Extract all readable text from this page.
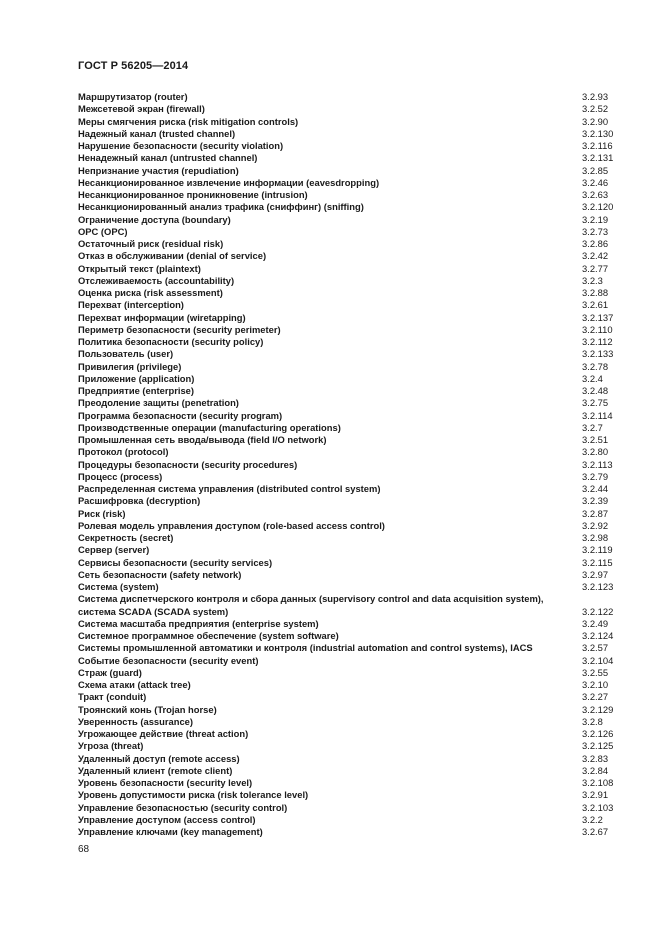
ГОСТ Р 56205—2014
Маршрутизатор (router)	3.2.93
Межсетевой экран (firewall)	3.2.52
Меры смягчения риска (risk mitigation controls)	3.2.90
Надежный канал (trusted channel)	3.2.130
Нарушение безопасности (security violation)	3.2.116
Ненадежный канал (untrusted channel)	3.2.131
Непризнание участия (repudiation)	3.2.85
Несанкционированное извлечение информации (eavesdropping)	3.2.46
Несанкционированное проникновение (intrusion)	3.2.63
Несанкционированный анализ трафика (сниффинг) (sniffing)	3.2.120
Ограничение доступа (boundary)	3.2.19
OPC (OPC)	3.2.73
Остаточный риск (residual risk)	3.2.86
Отказ в обслуживании (denial of service)	3.2.42
Открытый текст (plaintext)	3.2.77
Отслеживаемость (accountability)	3.2.3
Оценка риска (risk assessment)	3.2.88
Перехват (interception)	3.2.61
Перехват информации (wiretapping)	3.2.137
Периметр безопасности (security perimeter)	3.2.110
Политика безопасности (security policy)	3.2.112
Пользователь (user)	3.2.133
Привилегия (privilege)	3.2.78
Приложение (application)	3.2.4
Предприятие (enterprise)	3.2.48
Преодоление защиты (penetration)	3.2.75
Программа безопасности (security program)	3.2.114
Производственные операции (manufacturing operations)	3.2.7
Промышленная сеть ввода/вывода (field I/O network)	3.2.51
Протокол (protocol)	3.2.80
Процедуры безопасности (security procedures)	3.2.113
Процесс (process)	3.2.79
Распределенная система управления (distributed control system)	3.2.44
Расшифровка (decryption)	3.2.39
Риск (risk)	3.2.87
Ролевая модель управления доступом (role-based access control)	3.2.92
Секретность (secret)	3.2.98
Сервер (server)	3.2.119
Сервисы безопасности (security services)	3.2.115
Сеть безопасности (safety network)	3.2.97
Система (system)	3.2.123
Система диспетчерского контроля и сбора данных (supervisory control and data acquisition system),
система SCADA (SCADA system)	3.2.122
Система масштаба предприятия (enterprise system)	3.2.49
Системное программное обеспечение (system software)	3.2.124
Системы промышленной автоматики и контроля (industrial automation and control systems), IACS	3.2.57
Событие безопасности (security event)	3.2.104
Страж (guard)	3.2.55
Схема атаки (attack tree)	3.2.10
Тракт (conduit)	3.2.27
Троянский конь (Trojan horse)	3.2.129
Уверенность (assurance)	3.2.8
Угрожающее действие (threat action)	3.2.126
Угроза (threat)	3.2.125
Удаленный доступ (remote access)	3.2.83
Удаленный клиент (remote client)	3.2.84
Уровень безопасности (security level)	3.2.108
Уровень допустимости риска (risk tolerance level)	3.2.91
Управление безопасностью (security control)	3.2.103
Управление доступом (access control)	3.2.2
Управление ключами (key management)	3.2.67
68
